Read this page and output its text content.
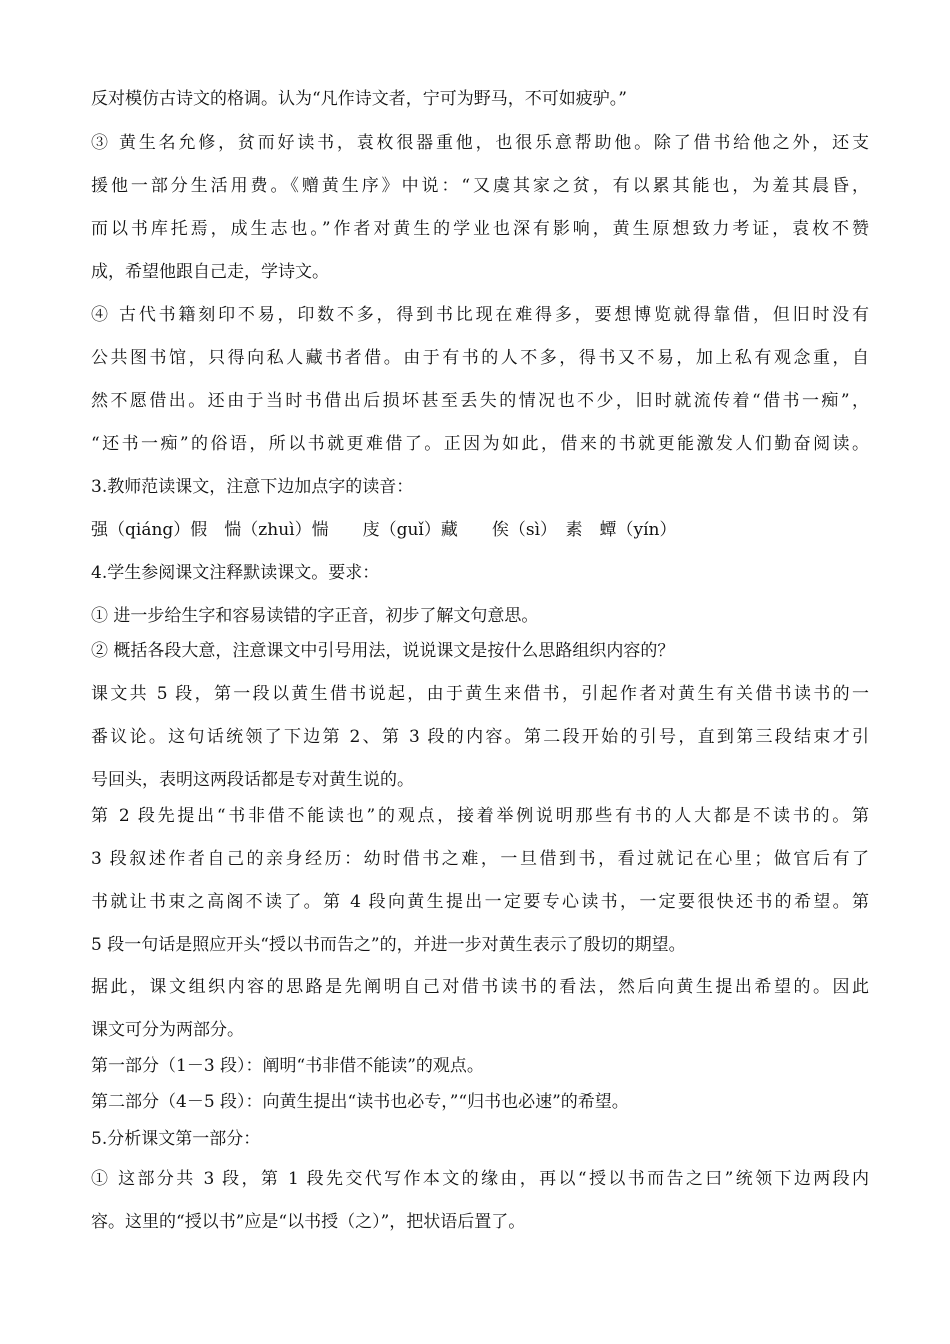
反对模仿古诗文的格调。认为“凡作诗文者，宁可为野马，不可如疲驴。”
③ 黄生名允修，贫而好读书，袁枚很器重他，也很乐意帮助他。除了借书给他之外，还支
援他一部分生活用费。《赠黄生序》中说：“又虞其家之贫，有以累其能也，为羞其晨昏，
而以书库托焉，成生志也。”作者对黄生的学业也深有影响，黄生原想致力考证，袁枚不赞
成，希望他跟自己走，学诗文。
④ 古代书籍刻印不易，印数不多，得到书比现在难得多，要想博览就得靠借，但旧时没有
公共图书馆，只得向私人藏书者借。由于有书的人不多，得书又不易，加上私有观念重，自
然不愿借出。还由于当时书借出后损坏甚至丢失的情况也不少，旧时就流传着“借书一痴”，
“还书一痴”的俗语，所以书就更难借了。正因为如此，借来的书就更能激发人们勤奋阅读。
3.教师范读课文，注意下边加点字的读音：
强（qiáng）假　惴（zhuì）惴　　庋（guǐ）藏　　俟（sì）　素　蟫（yín）
4.学生参阅课文注释默读课文。要求：
① 进一步给生字和容易读错的字正音，初步了解文句意思。
② 概括各段大意，注意课文中引号用法，说说课文是按什么思路组织内容的？
课文共 5 段，第一段以黄生借书说起，由于黄生来借书，引起作者对黄生有关借书读书的一
番议论。这句话统领了下边第 2、第 3 段的内容。第二段开始的引号，直到第三段结束才引
号回头，表明这两段话都是专对黄生说的。
第 2 段先提出“书非借不能读也”的观点，接着举例说明那些有书的人大都是不读书的。第
3 段叙述作者自己的亲身经历：幼时借书之难，一旦借到书，看过就记在心里；做官后有了
书就让书束之高阁不读了。第 4 段向黄生提出一定要专心读书，一定要很快还书的希望。第
5 段一句话是照应开头“授以书而告之”的，并进一步对黄生表示了殷切的期望。
据此，课文组织内容的思路是先阐明自己对借书读书的看法，然后向黄生提出希望的。因此
课文可分为两部分。
第一部分（1－3 段）：阐明“书非借不能读”的观点。
第二部分（4－5 段）：向黄生提出“读书也必专，”“归书也必速”的希望。
5.分析课文第一部分：
① 这部分共 3 段，第 1 段先交代写作本文的缘由，再以“授以书而告之曰”统领下边两段内
容。这里的“授以书”应是“以书授（之）”，把状语后置了。
